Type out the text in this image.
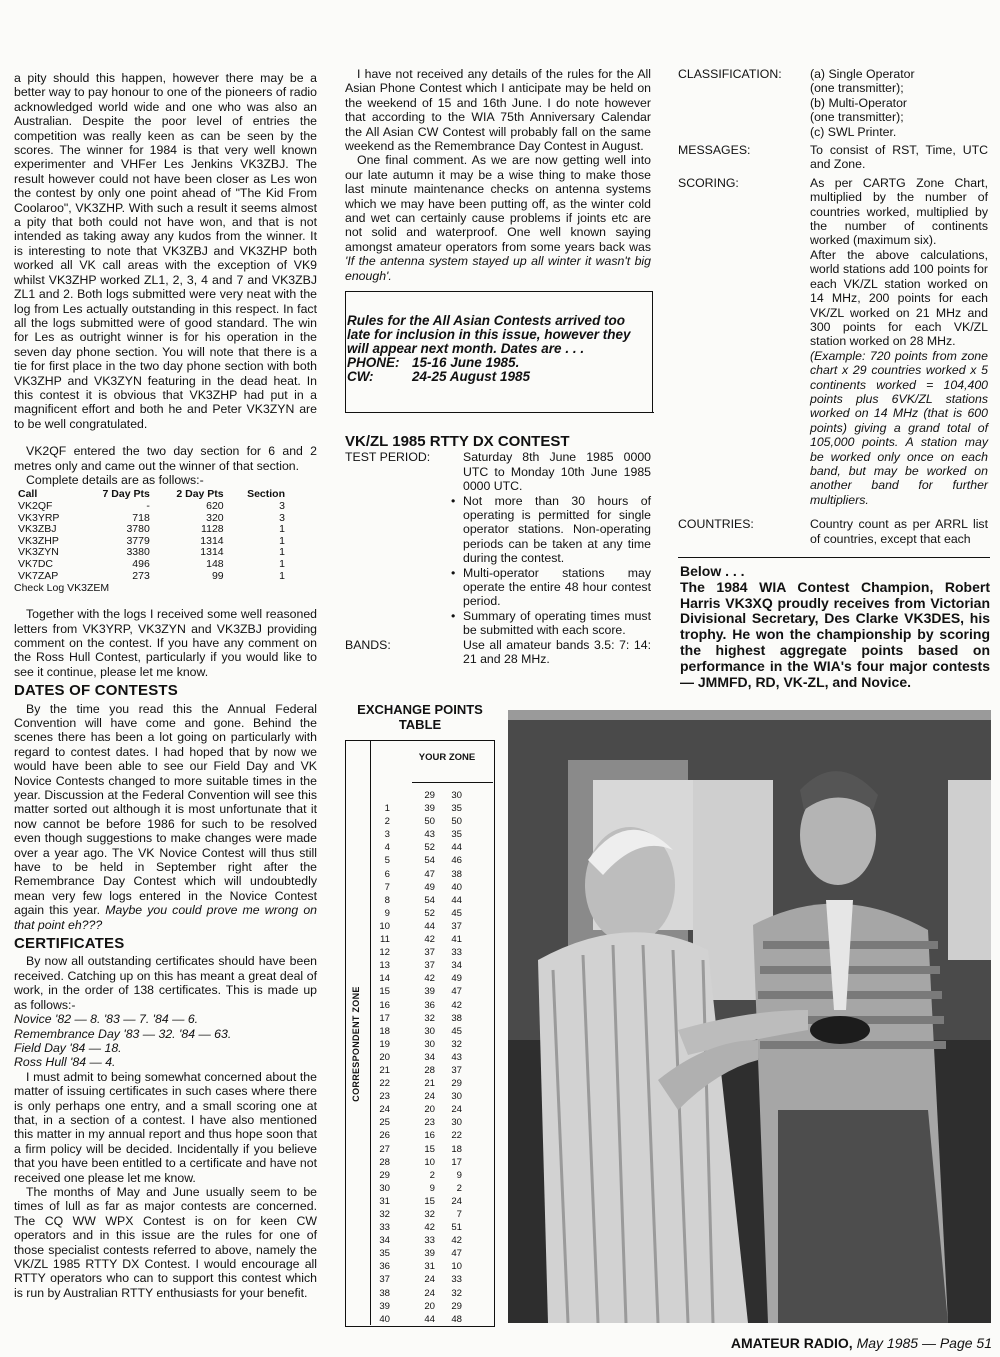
a pity should this happen, however there may be a better way to pay honour to one of the pioneers of radio acknowledged world wide and one who was also an Australian. Despite the poor level of entries the competition was really keen as can be seen by the scores. The winner for 1984 is that very well known experimenter and VHFer Les Jenkins VK3ZBJ. The result however could not have been closer as Les won the contest by only one point ahead of "The Kid From Coolaroo", VK3ZHP. With such a result it seems almost a pity that both could not have won, and that is not intended as taking away any kudos from the winner. It is interesting to note that VK3ZBJ and VK3ZHP both worked all VK call areas with the exception of VK9 whilst VK3ZHP worked ZL1, 2, 3, 4 and 7 and VK3ZBJ ZL1 and 2. Both logs submitted were very neat with the log from Les actually outstanding in this respect. In fact all the logs submitted were of good standard. The win for Les as outright winner is for his operation in the seven day phone section. You will note that there is a tie for first place in the two day phone section with both VK3ZHP and VK3ZYN featuring in the dead heat. In this contest it is obvious that VK3ZHP had put in a magnificent effort and both he and Peter VK3ZYN are to be well congratulated.

VK2QF entered the two day section for 6 and 2 metres only and came out the winner of that section.

Complete details are as follows:-

Call	7 Day Pts	2 Day Pts	Section
VK2QF	-	620	3
VK3YRP	718	320	3
VK3ZBJ	3780	1128	1
VK3ZHP	3779	1314	1
VK3ZYN	3380	1314	1
VK7DC	496	148	1
VK7ZAP	273	99	1
Check Log VK3ZEM

Together with the logs I received some well reasoned letters from VK3YRP, VK3ZYN and VK3ZBJ providing comment on the contest. If you have any comment on the Ross Hull Contest, particularly if you would like to see it continue, please let me know.

DATES OF CONTESTS

By the time you read this the Annual Federal Convention will have come and gone. Behind the scenes there has been a lot going on particularly with regard to contest dates. I had hoped that by now we would have been able to see our Field Day and VK Novice Contests changed to more suitable times in the year. Discussion at the Federal Convention will see this matter sorted out although it is most unfortunate that it now cannot be before 1986 for such to be resolved even though suggestions to make changes were made over a year ago. The VK Novice Contest will thus still have to be held in September right after the Remembrance Day Contest which will undoubtedly mean very few logs entered in the Novice Contest again this year. Maybe you could prove me wrong on that point eh???

CERTIFICATES

By now all outstanding certificates should have been received. Catching up on this has meant a great deal of work, in the order of 138 certificates. This is made up as follows:-

Novice '82 — 8. '83 — 7. '84 — 6.
Remembrance Day '83 — 32. '84 — 63.
Field Day '84 — 18.
Ross Hull '84 — 4.

I must admit to being somewhat concerned about the matter of issuing certificates in such cases where there is only perhaps one entry, and a small scoring one at that, in a section of a contest. I have also mentioned this matter in my annual report and thus hope soon that a firm policy will be decided. Incidentally if you believe that you have been entitled to a certificate and have not received one please let me know.

The months of May and June usually seem to be times of lull as far as major contests are concerned. The CQ WW WPX Contest is on for keen CW operators and in this issue are the rules for one of those specialist contests referred to above, namely the VK/ZL 1985 RTTY DX Contest. I would encourage all RTTY operators who can to support this contest which is run by Australian RTTY enthusiasts for your benefit.

I have not received any details of the rules for the All Asian Phone Contest which I anticipate may be held on the weekend of 15 and 16th June. I do note however that according to the WIA 75th Anniversary Calendar the All Asian CW Contest will probably fall on the same weekend as the Remembrance Day Contest in August.

One final comment. As we are now getting well into our late autumn it may be a wise thing to make those last minute maintenance checks on antenna systems which we may have been putting off, as the winter cold and wet can certainly cause problems if joints etc are not solid and waterproof. One well known saying amongst amateur operators from some years back was 'If the antenna system stayed up all winter it wasn't big enough'.

Rules for the All Asian Contests arrived too late for inclusion in this issue, however they will appear next month. Dates are . . .
PHONE: 15-16 June 1985.
CW:	24-25 August 1985
VK/ZL 1985 RTTY DX CONTEST
TEST PERIOD:	Saturday 8th June 1985 0000 UTC to Monday 10th June 1985 0000 UTC.
• Not more than 30 hours of operating is permitted for single operator stations. Non-operating periods can be taken at any time during the contest.
• Multi-operator stations may operate the entire 48 hour contest period.
• Summary of operating times must be submitted with each score.
BANDS:	Use all amateur bands 3.5: 7: 14: 21 and 28 MHz.
EXCHANGE POINTS TABLE
YOUR ZONE
CORRESPONDENT ZONE
29	30
1	39	35
2	50	50
3	43	35
4	52	44
5	54	46
6	47	38
7	49	40
8	54	44
9	52	45
10	44	37
11	42	41
12	37	33
13	37	34
14	42	49
15	39	47
16	36	42
17	32	38
18	30	45
19	30	32
20	34	43
21	28	37
22	21	29
23	24	30
24	20	24
25	23	30
26	16	22
27	15	18
28	10	17
29	2	9
30	9	2
31	15	24
32	32	7
33	42	51
34	33	42
35	39	47
36	31	10
37	24	33
38	24	32
39	20	29
40	44	48
CLASSIFICATION:	(a) Single Operator
(one transmitter);
(b) Multi-Operator
(one transmitter);
(c) SWL Printer.
MESSAGES:	To consist of RST, Time, UTC and Zone.
SCORING:	As per CARTG Zone Chart, multiplied by the number of countries worked, multiplied by the number of continents worked (maximum six).
After the above calculations, world stations add 100 points for each VK/ZL station worked on 14 MHz, 200 points for each VK/ZL worked on 21 MHz and 300 points for each VK/ZL station worked on 28 MHz.
(Example: 720 points from zone chart x 29 countries worked x 5 continents worked = 104,400 points plus 6VK/ZL stations worked on 14 MHz (that is 600 points) giving a grand total of 105,000 points. A station may be worked only once on each band, but may be worked on another band for further multipliers.
COUNTRIES:	Country count as per ARRL list of countries, except that each
Below . . .
The 1984 WIA Contest Champion, Robert Harris VK3XQ proudly receives from Victorian Divisional Secretary, Des Clarke VK3DES, his trophy. He won the championship by scoring the highest aggregate points based on performance in the WIA's four major contests — JMMFD, RD, VK-ZL, and Novice.
AMATEUR RADIO, May 1985 — Page 51
